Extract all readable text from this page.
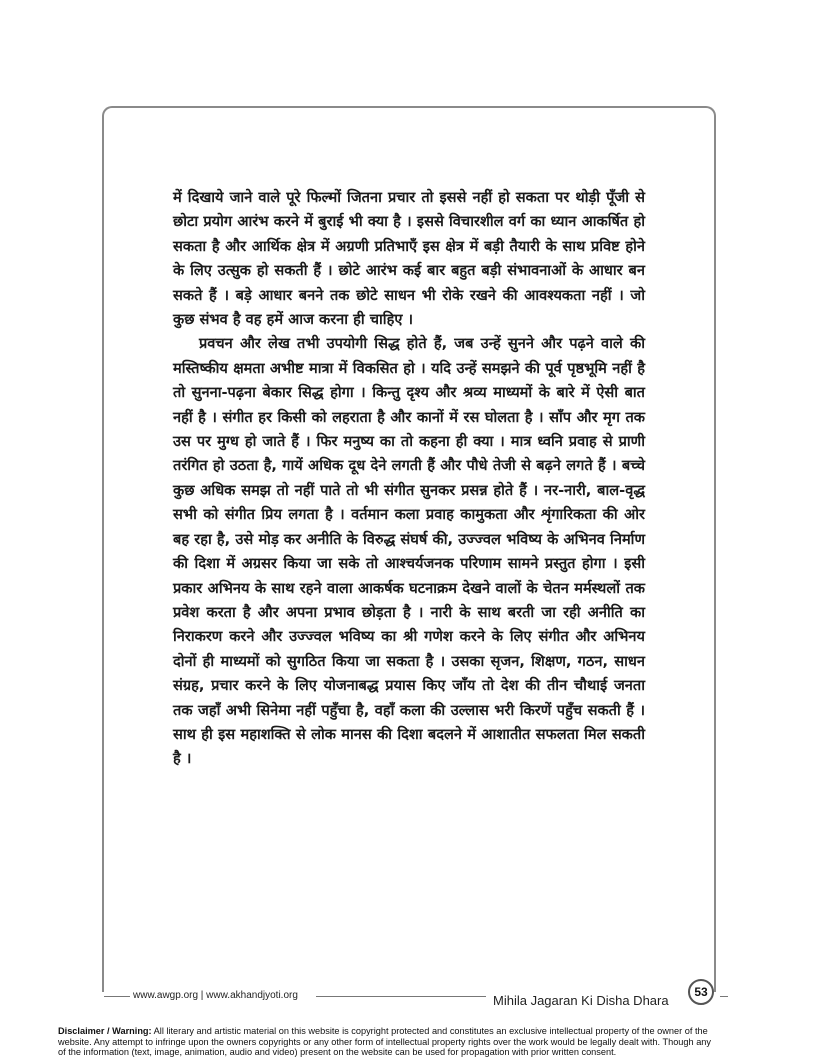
में दिखाये जाने वाले पूरे फिल्मों जितना प्रचार तो इससे नहीं हो सकता पर थोड़ी पूँजी से छोटा प्रयोग आरंभ करने में बुराई भी क्या है । इससे विचारशील वर्ग का ध्यान आकर्षित हो सकता है और आर्थिक क्षेत्र में अग्रणी प्रतिभाएँ इस क्षेत्र में बड़ी तैयारी के साथ प्रविष्ट होने के लिए उत्सुक हो सकती हैं । छोटे आरंभ कई बार बहुत बड़ी संभावनाओं के आधार बन सकते हैं । बड़े आधार बनने तक छोटे साधन भी रोके रखने की आवश्यकता नहीं । जो कुछ संभव है वह हमें आज करना ही चाहिए ।

प्रवचन और लेख तभी उपयोगी सिद्ध होते हैं, जब उन्हें सुनने और पढ़ने वाले की मस्तिष्कीय क्षमता अभीष्ट मात्रा में विकसित हो । यदि उन्हें समझने की पूर्व पृष्ठभूमि नहीं है तो सुनना-पढ़ना बेकार सिद्ध होगा । किन्तु दृश्य और श्रव्य माध्यमों के बारे में ऐसी बात नहीं है । संगीत हर किसी को लहराता है और कानों में रस घोलता है । साँप और मृग तक उस पर मुग्ध हो जाते हैं । फिर मनुष्य का तो कहना ही क्या । मात्र ध्वनि प्रवाह से प्राणी तरंगित हो उठता है, गायें अधिक दूध देने लगती हैं और पौधे तेजी से बढ़ने लगते हैं । बच्चे कुछ अधिक समझ तो नहीं पाते तो भी संगीत सुनकर प्रसन्न होते हैं । नर-नारी, बाल-वृद्ध सभी को संगीत प्रिय लगता है । वर्तमान कला प्रवाह कामुकता और शृंगारिकता की ओर बह रहा है, उसे मोड़ कर अनीति के विरुद्ध संघर्ष की, उज्ज्वल भविष्य के अभिनव निर्माण की दिशा में अग्रसर किया जा सके तो आश्चर्यजनक परिणाम सामने प्रस्तुत होगा । इसी प्रकार अभिनय के साथ रहने वाला आकर्षक घटनाक्रम देखने वालों के चेतन मर्मस्थलों तक प्रवेश करता है और अपना प्रभाव छोड़ता है । नारी के साथ बरती जा रही अनीति का निराकरण करने और उज्ज्वल भविष्य का श्री गणेश करने के लिए संगीत और अभिनय दोनों ही माध्यमों को सुगठित किया जा सकता है । उसका सृजन, शिक्षण, गठन, साधन संग्रह, प्रचार करने के लिए योजनाबद्ध प्रयास किए जाँय तो देश की तीन चौथाई जनता तक जहाँ अभी सिनेमा नहीं पहुँचा है, वहाँ कला की उल्लास भरी किरणें पहुँच सकती हैं । साथ ही इस महाशक्ति से लोक मानस की दिशा बदलने में आशातीत सफलता मिल सकती है ।

www.awgp.org | www.akhandjyoti.org	Mihila Jagaran Ki Disha Dhara
53
Disclaimer / Warning: All literary and artistic material on this website is copyright protected and constitutes an exclusive intellectual property of the owner of the website. Any attempt to infringe upon the owners copyrights or any other form of intellectual property rights over the work would be legally dealt with. Though any of the information (text, image, animation, audio and video) present on the website can be used for propagation with prior written consent.
